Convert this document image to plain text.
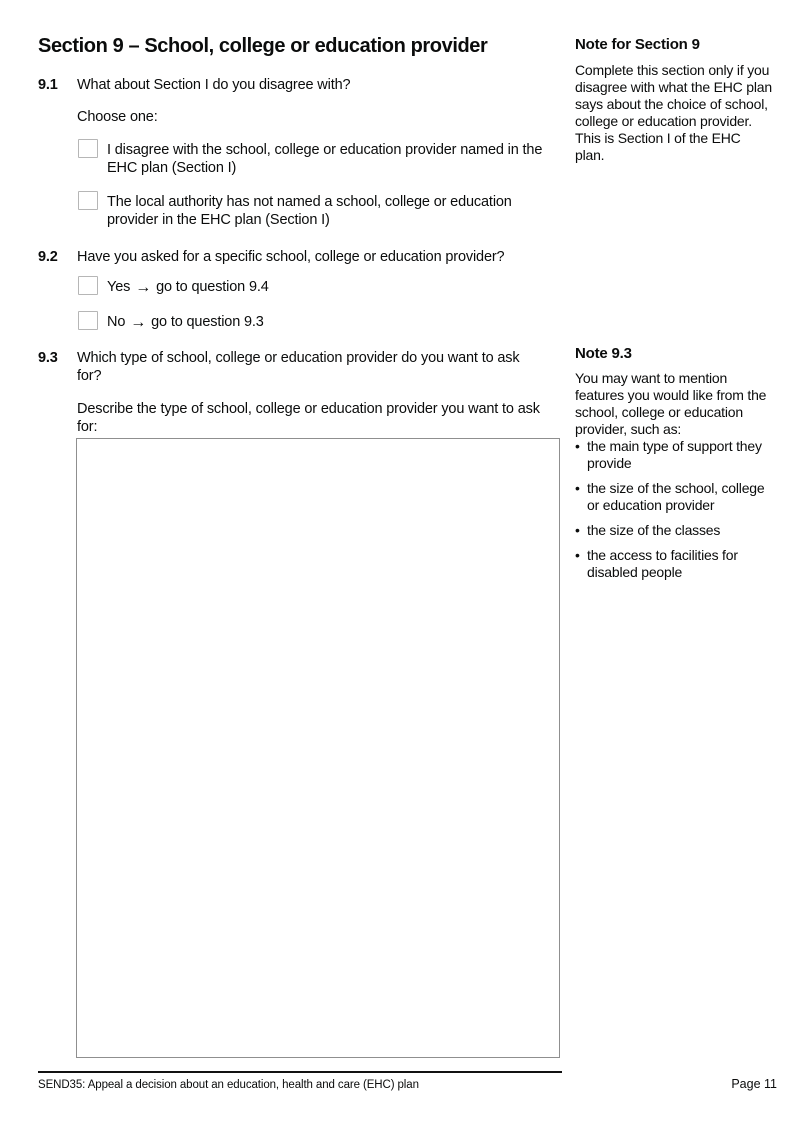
Section 9 – School, college or education provider
9.1	What about Section I do you disagree with?
Choose one:
I disagree with the school, college or education provider named in the EHC plan (Section I)
The local authority has not named a school, college or education provider in the EHC plan (Section I)
9.2	Have you asked for a specific school, college or education provider?
Yes → go to question 9.4
No → go to question 9.3
9.3	Which type of school, college or education provider do you want to ask for?
Describe the type of school, college or education provider you want to ask for:

Note for Section 9

Complete this section only if you disagree with what the EHC plan says about the choice of school, college or education provider. This is Section I of the EHC plan.

Note 9.3

You may want to mention features you would like from the school, college or education provider, such as:

• the main type of support they provide
• the size of the school, college or education provider
• the size of the classes
• the access to facilities for disabled people
SEND35: Appeal a decision about an education, health and care (EHC) plan	Page 11
